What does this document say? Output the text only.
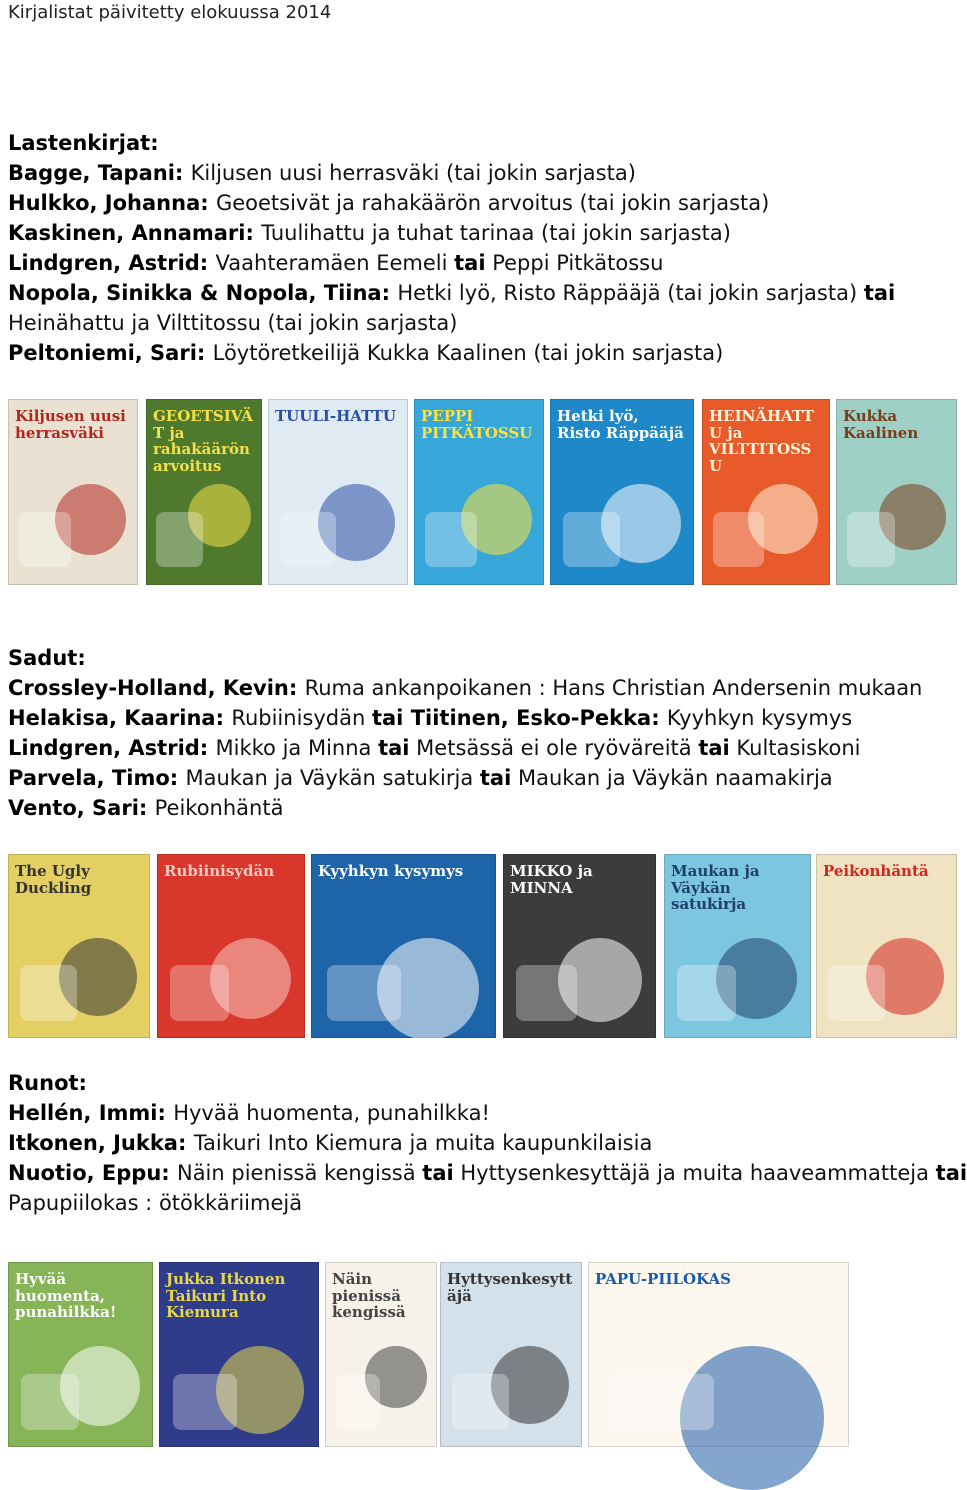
Kirjalistat päivitetty elokuussa 2014
Lastenkirjat:
Bagge, Tapani: Kiljusen uusi herrasväki (tai jokin sarjasta)
Hulkko, Johanna: Geoetsivät ja rahakäärön arvoitus (tai jokin sarjasta)
Kaskinen, Annamari: Tuulihattu ja tuhat tarinaa (tai jokin sarjasta)
Lindgren, Astrid: Vaahteramäen Eemeli tai Peppi Pitkätossu
Nopola, Sinikka & Nopola, Tiina: Hetki lyö, Risto Räppääjä (tai jokin sarjasta) tai
Heinähattu ja Vilttitossu (tai jokin sarjasta)
Peltoniemi, Sari: Löytöretkeilijä Kukka Kaalinen (tai jokin sarjasta)
Sadut:
Crossley-Holland, Kevin: Ruma ankanpoikanen : Hans Christian Andersenin mukaan
Helakisa, Kaarina: Rubiinisydän tai Tiitinen, Esko-Pekka: Kyyhkyn kysymys
Lindgren, Astrid: Mikko ja Minna tai Metsässä ei ole ryöväreitä tai Kultasiskoni
Parvela, Timo: Maukan ja Väykän satukirja tai Maukan ja Väykän naamakirja
Vento, Sari: Peikonhäntä
Runot:
Hellén, Immi: Hyvää huomenta, punahilkka!
Itkonen, Jukka: Taikuri Into Kiemura ja muita kaupunkilaisia
Nuotio, Eppu: Näin pienissä kengissä tai Hyttysenkesyttäjä ja muita haaveammatteja tai
Papupiilokas : ötökkäriimejä
Kiljusen uusi herrasväki
GEOETSIVÄT ja rahakäärön arvoitus
TUULI-HATTU	PEPPI PITKÄTOSSU
Hetki lyö, Risto Räppääjä
HEINÄHATTU ja VILTTITOSSU
Kukka Kaalinen
The Ugly Duckling
Rubiinisydän	Kyyhkyn kysymys	MIKKO ja MINNA
Maukan ja Väykän satukirja
Peikonhäntä
Hyvää huomenta, punahilkka!
Jukka Itkonen Taikuri Into Kiemura
Näin pienissä kengissä
Hyttysenkesyttäjä
PAPU-PIILOKAS
